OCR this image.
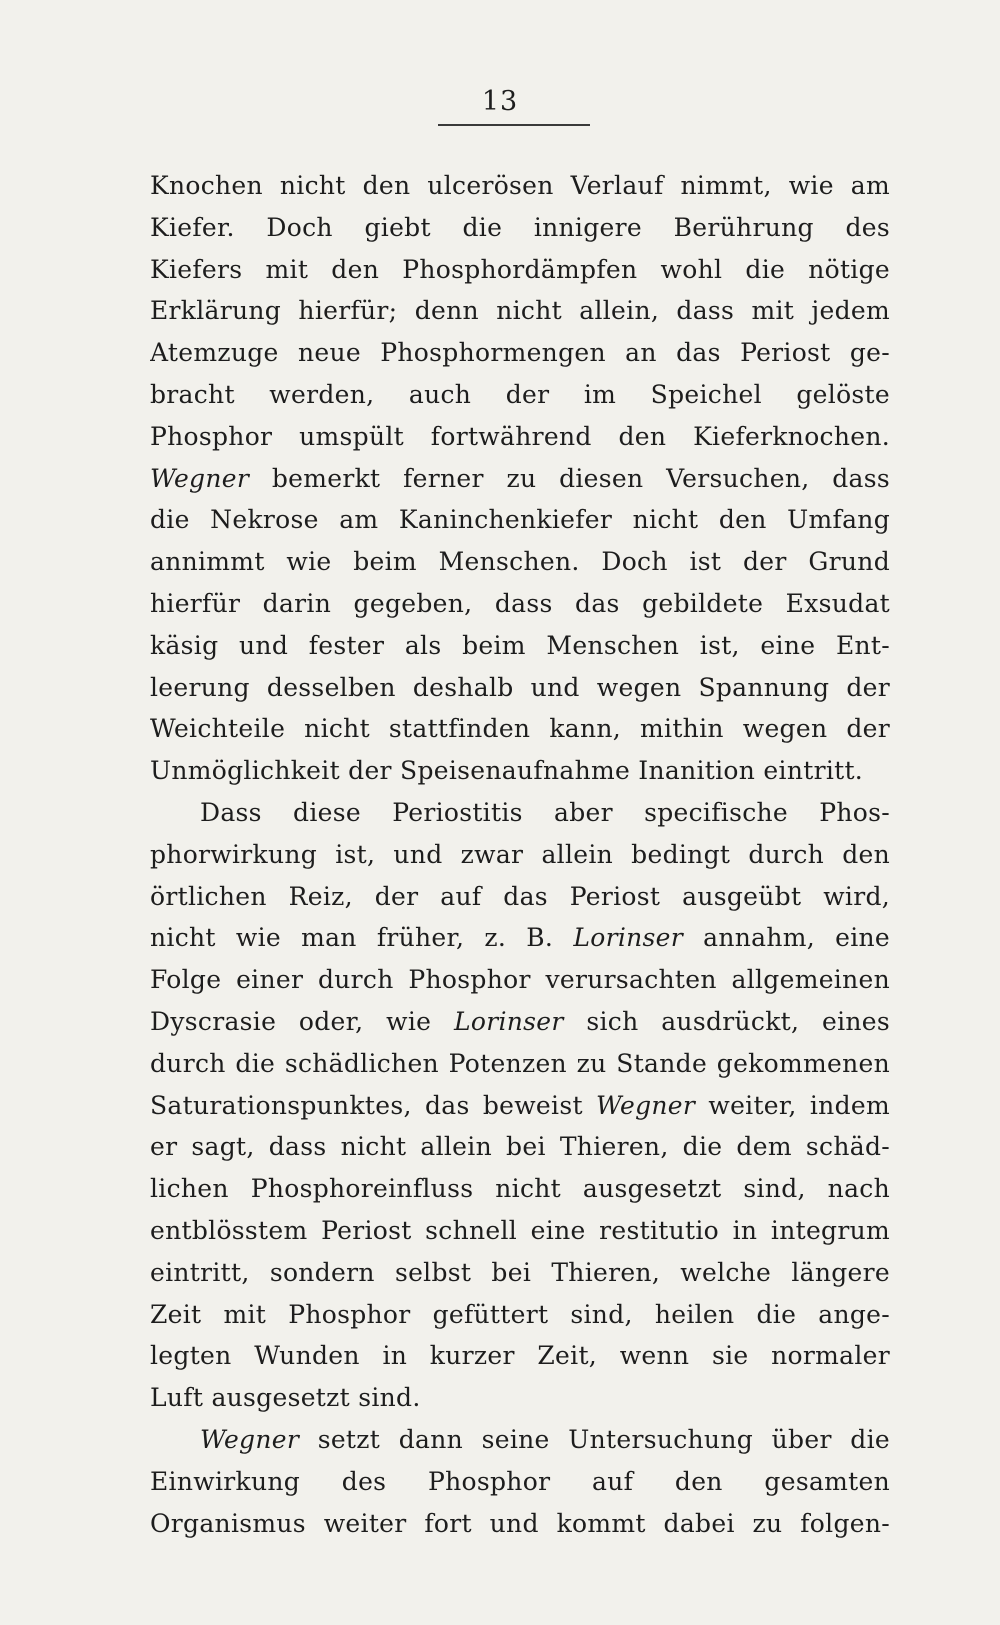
13
Knochen nicht den ulcerösen Verlauf nimmt, wie am
Kiefer. Doch giebt die innigere Berührung des
Kiefers mit den Phosphordämpfen wohl die nötige
Erklärung hierfür; denn nicht allein, dass mit jedem
Atemzuge neue Phosphormengen an das Periost ge-
bracht werden, auch der im Speichel gelöste
Phosphor umspült fortwährend den Kieferknochen.
Wegner bemerkt ferner zu diesen Versuchen, dass
die Nekrose am Kaninchenkiefer nicht den Umfang
annimmt wie beim Menschen. Doch ist der Grund
hierfür darin gegeben, dass das gebildete Exsudat
käsig und fester als beim Menschen ist, eine Ent-
leerung desselben deshalb und wegen Spannung der
Weichteile nicht stattfinden kann, mithin wegen der
Unmöglichkeit der Speisenaufnahme Inanition eintritt.
Dass diese Periostitis aber specifische Phos-
phorwirkung ist, und zwar allein bedingt durch den
örtlichen Reiz, der auf das Periost ausgeübt wird,
nicht wie man früher, z. B. Lorinser annahm, eine
Folge einer durch Phosphor verursachten allgemeinen
Dyscrasie oder, wie Lorinser sich ausdrückt, eines
durch die schädlichen Potenzen zu Stande gekommenen
Saturationspunktes, das beweist Wegner weiter, indem
er sagt, dass nicht allein bei Thieren, die dem schäd-
lichen Phosphoreinfluss nicht ausgesetzt sind, nach
entblösstem Periost schnell eine restitutio in integrum
eintritt, sondern selbst bei Thieren, welche längere
Zeit mit Phosphor gefüttert sind, heilen die ange-
legten Wunden in kurzer Zeit, wenn sie normaler
Luft ausgesetzt sind.
Wegner setzt dann seine Untersuchung über die
Einwirkung des Phosphor auf den gesamten
Organismus weiter fort und kommt dabei zu folgen-
